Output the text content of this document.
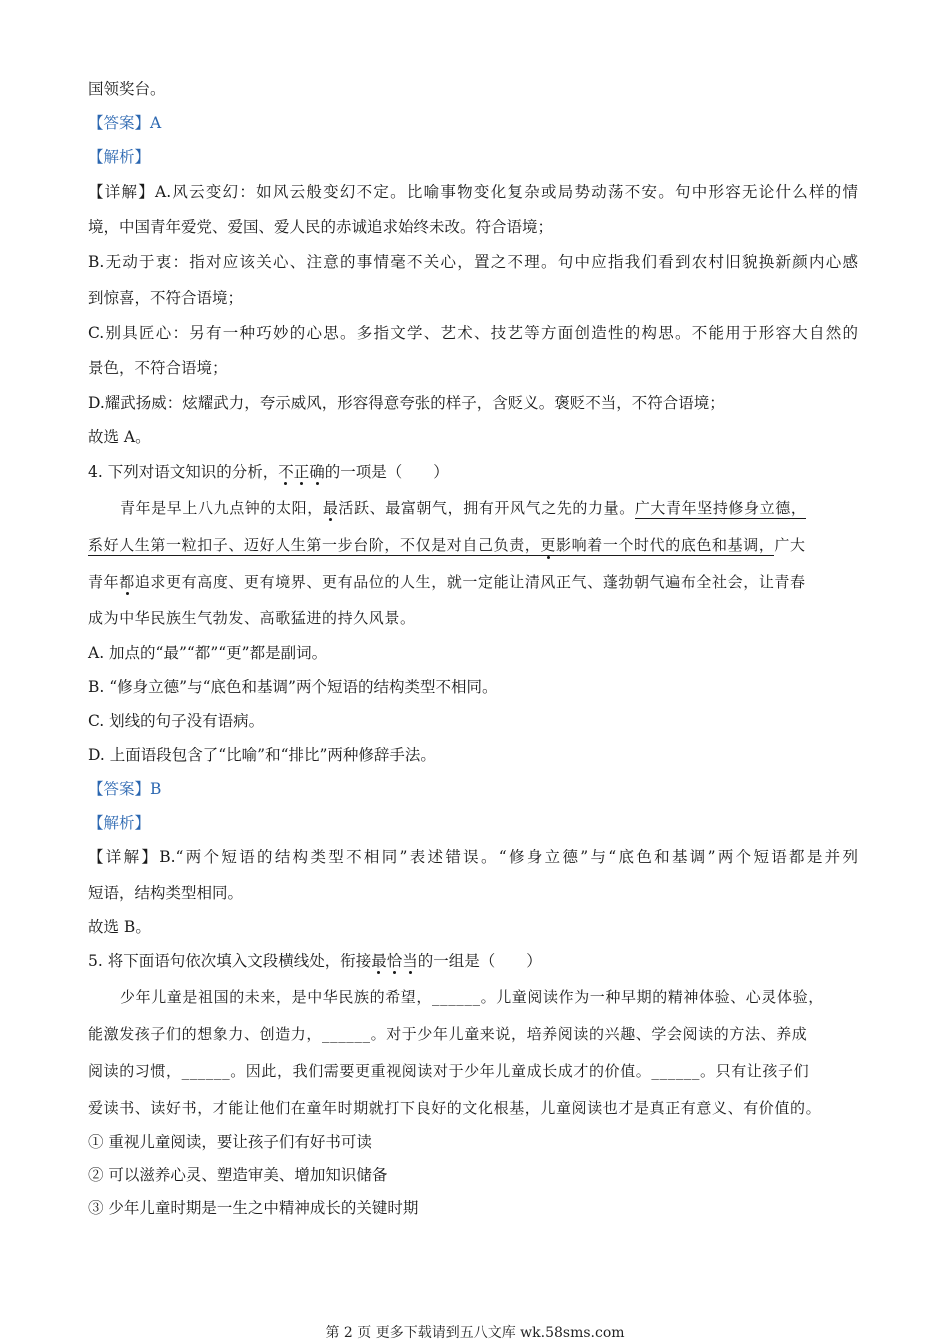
国领奖台。
【答案】A
【解析】
【详解】A.风云变幻：如风云般变幻不定。比喻事物变化复杂或局势动荡不安。句中形容无论什么样的情
境，中国青年爱党、爱国、爱人民的赤诚追求始终未改。符合语境；
B.无动于衷：指对应该关心、注意的事情毫不关心，置之不理。句中应指我们看到农村旧貌换新颜内心感
到惊喜，不符合语境；
C.别具匠心：另有一种巧妙的心思。多指文学、艺术、技艺等方面创造性的构思。不能用于形容大自然的
景色，不符合语境；
D.耀武扬威：炫耀武力，夸示威风，形容得意夸张的样子，含贬义。褒贬不当，不符合语境；
故选 A。
4. 下列对语文知识的分析，不正确的一项是（　　）
青年是早上八九点钟的太阳，最活跃、最富朝气，拥有开风气之先的力量。广大青年坚持修身立德，
系好人生第一粒扣子、迈好人生第一步台阶，不仅是对自己负责，更影响着一个时代的底色和基调，广大
青年都追求更有高度、更有境界、更有品位的人生，就一定能让清风正气、蓬勃朝气遍布全社会，让青春
成为中华民族生气勃发、高歌猛进的持久风景。
A. 加点的“最”“都”“更”都是副词。
B. “修身立德”与“底色和基调”两个短语的结构类型不相同。
C. 划线的句子没有语病。
D. 上面语段包含了“比喻”和“排比”两种修辞手法。
【答案】B
【解析】
【详解】B.“两个短语的结构类型不相同”表述错误。“修身立德”与“底色和基调”两个短语都是并列
短语，结构类型相同。
故选 B。
5. 将下面语句依次填入文段横线处，衔接最恰当的一组是（　　）
少年儿童是祖国的未来，是中华民族的希望，______。儿童阅读作为一种早期的精神体验、心灵体验，
能激发孩子们的想象力、创造力，______。对于少年儿童来说，培养阅读的兴趣、学会阅读的方法、养成
阅读的习惯，______。因此，我们需要更重视阅读对于少年儿童成长成才的价值。______。只有让孩子们
爱读书、读好书，才能让他们在童年时期就打下良好的文化根基，儿童阅读也才是真正有意义、有价值的。
① 重视儿童阅读，要让孩子们有好书可读
② 可以滋养心灵、塑造审美、增加知识储备
③ 少年儿童时期是一生之中精神成长的关键时期
第 2 页 更多下载请到五八文库 wk.58sms.com
